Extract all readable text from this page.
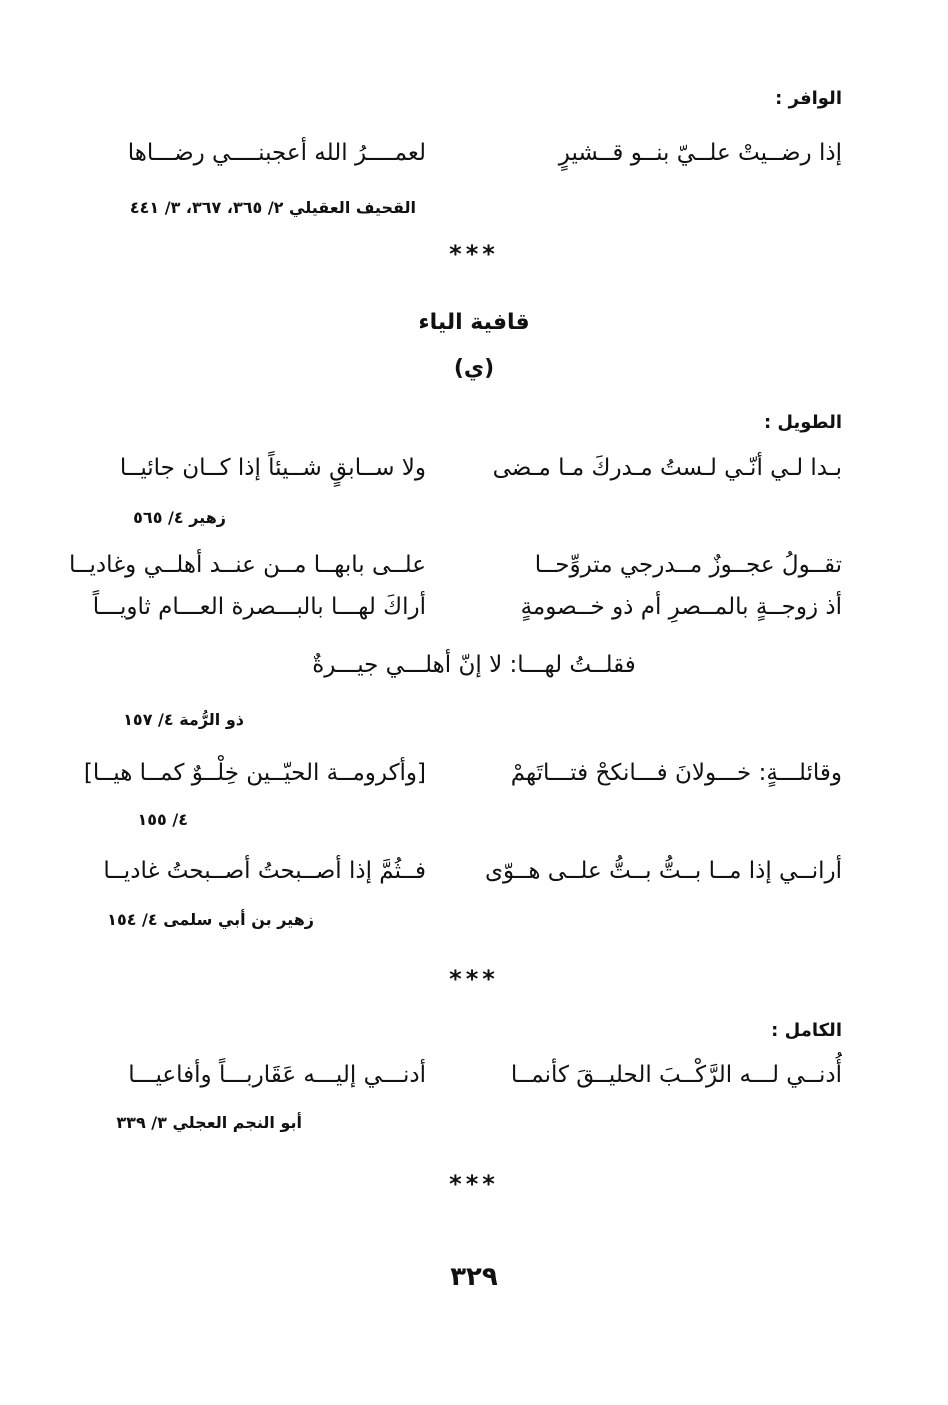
الوافر :
إذا رضــيتْ علــيّ بنــو قــشيرٍ
لعمــــرُ الله أعجبنــــي رضـــاها
القحيف العقيلي ٢/ ٣٦٥، ٣٦٧، ٣/ ٤٤١
***
قافية الياء
(ي)
الطويل :
بـدا لـي أنّـي لـستُ مـدركَ مـا مـضى
ولا ســابقٍ شــيئاً إذا كــان جائيــا
زهير ٤/ ٥٦٥
تقــولُ عجــوزٌ مــدرجي متروِّحــا
علــى بابهــا مــن عنــد أهلــي وغاديــا
أذ زوجــةٍ بالمــصرِ أم ذو خــصومةٍ
أراكَ لهـــا بالبـــصرة العـــام ثاويـــاً
فقلــتُ لهـــا: لا إنّ أهلـــي جيـــرةٌ
ذو الرُّمة ٤/ ١٥٧
وقائلـــةٍ: خـــولانَ فـــانكحْ فتـــاتَهمْ
[وأكرومــة الحيّــين خِلْــوٌ كمــا هيــا]
٤/ ١٥٥
أرانــي إذا مــا بــتُّ بــتُّ علــى هــوّى
فــثُمَّ إذا أصــبحتُ أصــبحتُ غاديــا
زهير بن أبي سلمى ٤/ ١٥٤
***
الكامل :
أُدنــي لـــه الرَّكْــبَ الحليــقَ كأنمــا
أدنـــي إليـــه عَقَاربـــاً وأفاعيـــا
أبو النجم العجلي ٣/ ٣٣٩
***
٣٢٩
